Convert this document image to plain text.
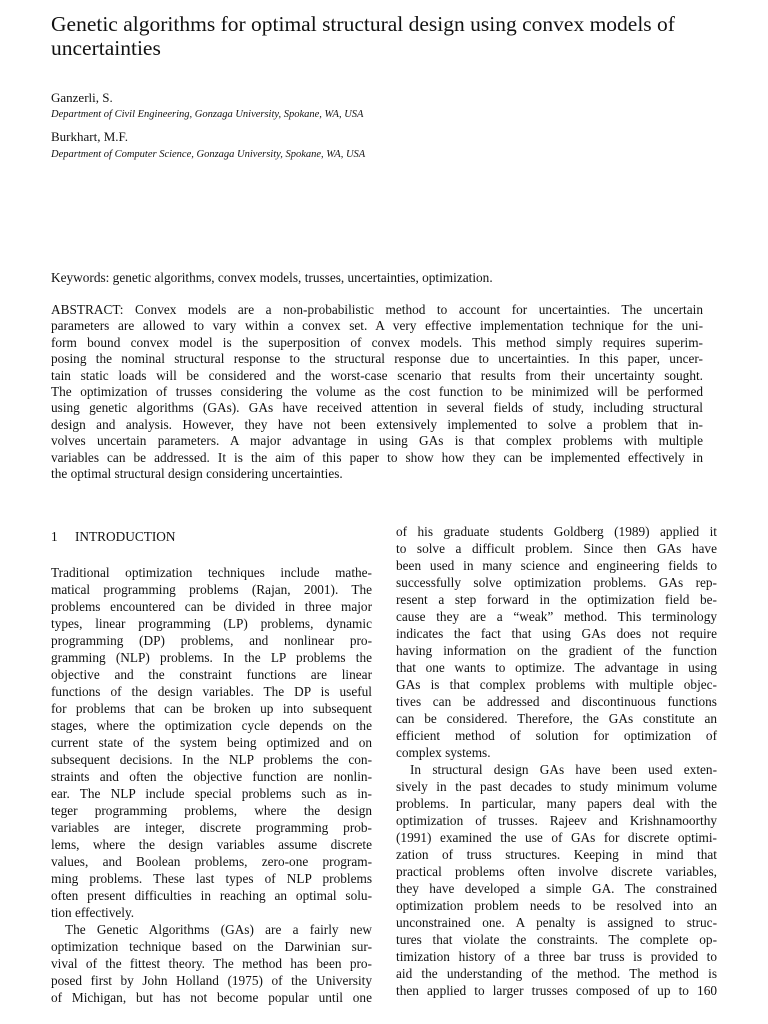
Genetic algorithms for optimal structural design using convex models of uncertainties
Ganzerli, S.
Department of Civil Engineering, Gonzaga University, Spokane, WA, USA
Burkhart, M.F.
Department of Computer Science, Gonzaga University, Spokane, WA, USA
Keywords: genetic algorithms, convex models, trusses, uncertainties, optimization.
ABSTRACT: Convex models are a non-probabilistic method to account for uncertainties. The uncertain
parameters are allowed to vary within a convex set. A very effective implementation technique for the uni-
form bound convex model is the superposition of convex models. This method simply requires superim-
posing the nominal structural response to the structural response due to uncertainties. In this paper, uncer-
tain static loads will be considered and the worst-case scenario that results from their uncertainty sought.
The optimization of trusses considering the volume as the cost function to be minimized will be performed
using genetic algorithms (GAs). GAs have received attention in several fields of study, including structural
design and analysis. However, they have not been extensively implemented to solve a problem that in-
volves uncertain parameters. A major advantage in using GAs is that complex problems with multiple
variables can be addressed. It is the aim of this paper to show how they can be implemented effectively in
the optimal structural design considering uncertainties.
1 INTRODUCTION
Traditional optimization techniques include mathe-
matical programming problems (Rajan, 2001). The
problems encountered can be divided in three major
types, linear programming (LP) problems, dynamic
programming (DP) problems, and nonlinear pro-
gramming (NLP) problems. In the LP problems the
objective and the constraint functions are linear
functions of the design variables. The DP is useful
for problems that can be broken up into subsequent
stages, where the optimization cycle depends on the
current state of the system being optimized and on
subsequent decisions. In the NLP problems the con-
straints and often the objective function are nonlin-
ear. The NLP include special problems such as in-
teger programming problems, where the design
variables are integer, discrete programming prob-
lems, where the design variables assume discrete
values, and Boolean problems, zero-one program-
ming problems. These last types of NLP problems
often present difficulties in reaching an optimal solu-
tion effectively.
The Genetic Algorithms (GAs) are a fairly new
optimization technique based on the Darwinian sur-
vival of the fittest theory. The method has been pro-
posed first by John Holland (1975) of the University
of Michigan, but has not become popular until one
of his graduate students Goldberg (1989) applied it
to solve a difficult problem. Since then GAs have
been used in many science and engineering fields to
successfully solve optimization problems. GAs rep-
resent a step forward in the optimization field be-
cause they are a “weak” method. This terminology
indicates the fact that using GAs does not require
having information on the gradient of the function
that one wants to optimize. The advantage in using
GAs is that complex problems with multiple objec-
tives can be addressed and discontinuous functions
can be considered. Therefore, the GAs constitute an
efficient method of solution for optimization of
complex systems.
In structural design GAs have been used exten-
sively in the past decades to study minimum volume
problems. In particular, many papers deal with the
optimization of trusses. Rajeev and Krishnamoorthy
(1991) examined the use of GAs for discrete optimi-
zation of truss structures. Keeping in mind that
practical problems often involve discrete variables,
they have developed a simple GA. The constrained
optimization problem needs to be resolved into an
unconstrained one. A penalty is assigned to struc-
tures that violate the constraints. The complete op-
timization history of a three bar truss is provided to
aid the understanding of the method. The method is
then applied to larger trusses composed of up to 160
